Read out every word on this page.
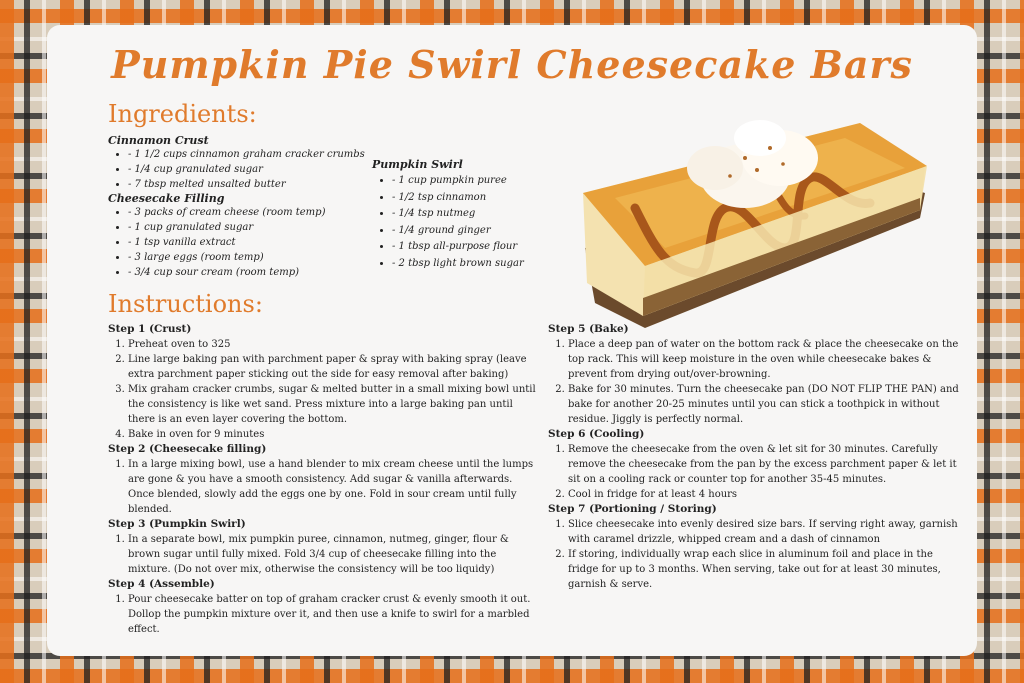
Pumpkin Pie Swirl Cheesecake Bars
Ingredients:

Cinnamon Crust

• - 1 1/2 cups cinnamon graham cracker crumbs
• - 1/4 cup granulated sugar
• - 7 tbsp melted unsalted butter

Cheesecake Filling

• - 3 packs of cream cheese (room temp)
• - 1 cup granulated sugar
• - 1 tsp vanilla extract
• - 3 large eggs (room temp)
• - 3/4 cup sour cream (room temp)

Pumpkin Swirl

• - 1 cup pumpkin puree
• - 1/2 tsp cinnamon
• - 1/4 tsp nutmeg
• - 1/4 ground ginger
• - 1 tbsp all-purpose flour
• - 2 tbsp light brown sugar
Instructions:

Step 1 (Crust)

1. Preheat oven to 325
2. Line large baking pan with parchment paper & spray with baking spray (leave extra parchment paper sticking out the side for easy removal after baking)
3. Mix graham cracker crumbs, sugar & melted butter in a small mixing bowl until the consistency is like wet sand. Press mixture into a large baking pan until there is an even layer covering the bottom.
4. Bake in oven for 9 minutes

Step 2 (Cheesecake filling)

1. In a large mixing bowl, use a hand blender to mix cream cheese until the lumps are gone & you have a smooth consistency. Add sugar & vanilla afterwards. Once blended, slowly add the eggs one by one. Fold in sour cream until fully blended.

Step 3 (Pumpkin Swirl)

1. In a separate bowl, mix pumpkin puree, cinnamon, nutmeg, ginger, flour & brown sugar until fully mixed. Fold 3/4 cup of cheesecake filling into the mixture. (Do not over mix, otherwise the consistency will be too liquidy)

Step 4 (Assemble)

1. Pour cheesecake batter on top of graham cracker crust & evenly smooth it out. Dollop the pumpkin mixture over it, and then use a knife to swirl for a marbled effect.

Step 5 (Bake)

1. Place a deep pan of water on the bottom rack & place the cheesecake on the top rack. This will keep moisture in the oven while cheesecake bakes & prevent from drying out/over-browning.
2. Bake for 30 minutes. Turn the cheesecake pan (DO NOT FLIP THE PAN) and bake for another 20-25 minutes until you can stick a toothpick in without residue. Jiggly is perfectly normal.

Step 6 (Cooling)

1. Remove the cheesecake from the oven & let sit for 30 minutes. Carefully remove the cheesecake from the pan by the excess parchment paper & let it sit on a cooling rack or counter top for another 35-45 minutes.
2. Cool in fridge for at least 4 hours

Step 7 (Portioning / Storing)

1. Slice cheesecake into evenly desired size bars. If serving right away, garnish with caramel drizzle, whipped cream and a dash of cinnamon
2. If storing, individually wrap each slice in aluminum foil and place in the fridge for up to 3 months. When serving, take out for at least 30 minutes, garnish & serve.
